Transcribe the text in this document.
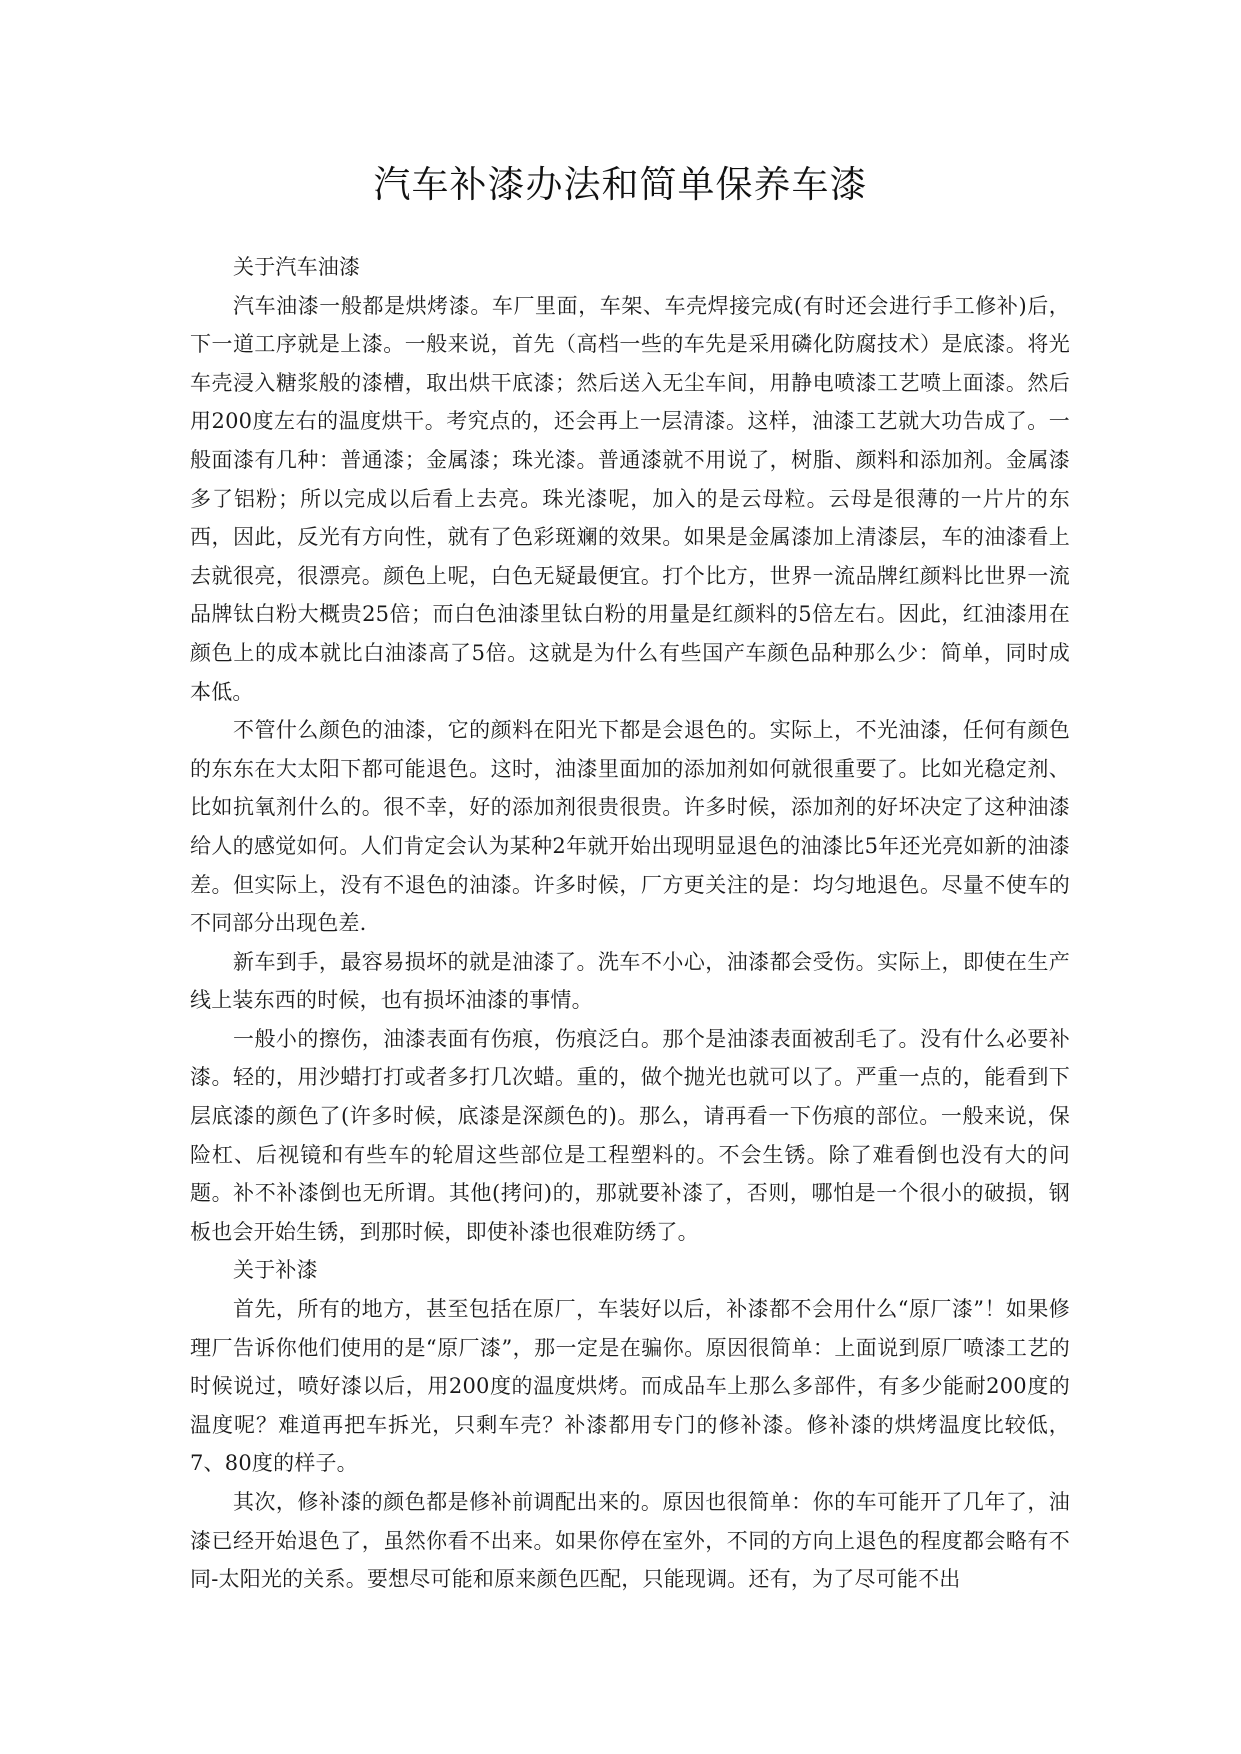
汽车补漆办法和简单保养车漆

关于汽车油漆

汽车油漆一般都是烘烤漆。车厂里面，车架、车壳焊接完成(有时还会进行手工修补)后，下一道工序就是上漆。一般来说，首先（高档一些的车先是采用磷化防腐技术）是底漆。将光车壳浸入糖浆般的漆槽，取出烘干底漆；然后送入无尘车间，用静电喷漆工艺喷上面漆。然后用200度左右的温度烘干。考究点的，还会再上一层清漆。这样，油漆工艺就大功告成了。一般面漆有几种：普通漆；金属漆；珠光漆。普通漆就不用说了，树脂、颜料和添加剂。金属漆多了铝粉；所以完成以后看上去亮。珠光漆呢，加入的是云母粒。云母是很薄的一片片的东西，因此，反光有方向性，就有了色彩斑斓的效果。如果是金属漆加上清漆层，车的油漆看上去就很亮，很漂亮。颜色上呢，白色无疑最便宜。打个比方，世界一流品牌红颜料比世界一流品牌钛白粉大概贵25倍；而白色油漆里钛白粉的用量是红颜料的5倍左右。因此，红油漆用在颜色上的成本就比白油漆高了5倍。这就是为什么有些国产车颜色品种那么少：简单，同时成本低。

不管什么颜色的油漆，它的颜料在阳光下都是会退色的。实际上，不光油漆，任何有颜色的东东在大太阳下都可能退色。这时，油漆里面加的添加剂如何就很重要了。比如光稳定剂、比如抗氧剂什么的。很不幸，好的添加剂很贵很贵。许多时候，添加剂的好坏决定了这种油漆给人的感觉如何。人们肯定会认为某种2年就开始出现明显退色的油漆比5年还光亮如新的油漆差。但实际上，没有不退色的油漆。许多时候，厂方更关注的是：均匀地退色。尽量不使车的不同部分出现色差.

新车到手，最容易损坏的就是油漆了。洗车不小心，油漆都会受伤。实际上，即使在生产线上装东西的时候，也有损坏油漆的事情。

一般小的擦伤，油漆表面有伤痕，伤痕泛白。那个是油漆表面被刮毛了。没有什么必要补漆。轻的，用沙蜡打打或者多打几次蜡。重的，做个抛光也就可以了。严重一点的，能看到下层底漆的颜色了(许多时候，底漆是深颜色的)。那么，请再看一下伤痕的部位。一般来说，保险杠、后视镜和有些车的轮眉这些部位是工程塑料的。不会生锈。除了难看倒也没有大的问题。补不补漆倒也无所谓。其他(拷问)的，那就要补漆了，否则，哪怕是一个很小的破损，钢板也会开始生锈，到那时候，即使补漆也很难防绣了。

关于补漆

首先，所有的地方，甚至包括在原厂，车装好以后，补漆都不会用什么“原厂漆”！如果修理厂告诉你他们使用的是“原厂漆”，那一定是在骗你。原因很简单：上面说到原厂喷漆工艺的时候说过，喷好漆以后，用200度的温度烘烤。而成品车上那么多部件，有多少能耐200度的温度呢？难道再把车拆光，只剩车壳？补漆都用专门的修补漆。修补漆的烘烤温度比较低，7、80度的样子。

其次，修补漆的颜色都是修补前调配出来的。原因也很简单：你的车可能开了几年了，油漆已经开始退色了，虽然你看不出来。如果你停在室外，不同的方向上退色的程度都会略有不同-太阳光的关系。要想尽可能和原来颜色匹配，只能现调。还有，为了尽可能不出
